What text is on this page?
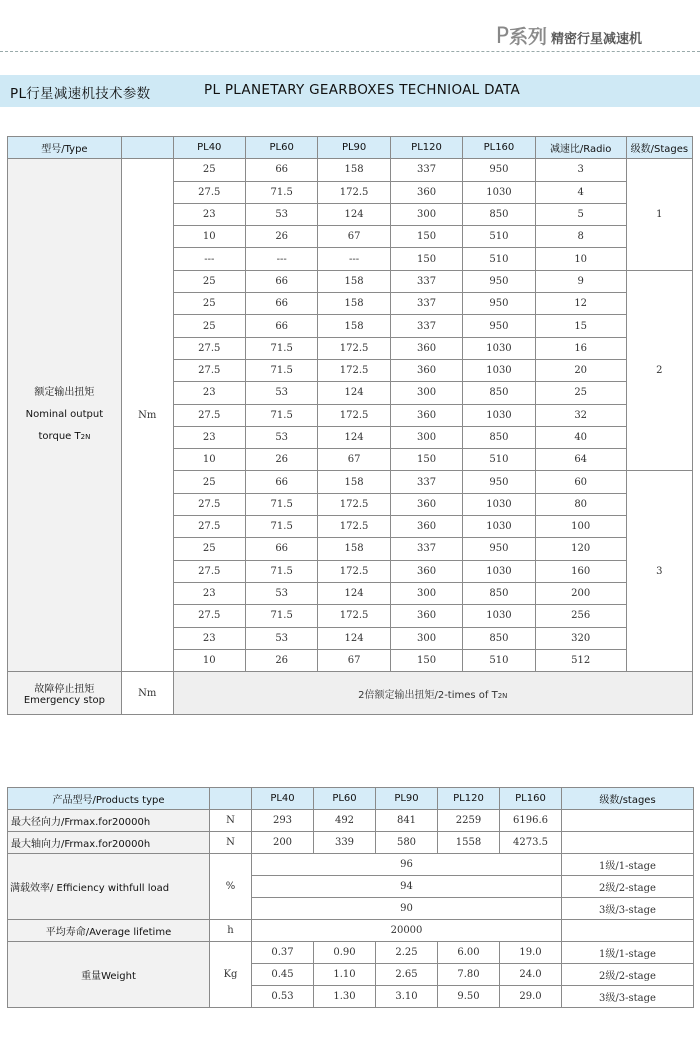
P系列 精密行星减速机
PL行星减速机技术参数	PL PLANETARY GEARBOXES TECHNIOAL DATA
型号/Type		PL40	PL60	PL90	PL120	PL160	减速比/Radio	级数/Stages

额定输出扭矩
Nominal output
torque T2N	Nm	25	66	158	337	950	3	1
		27.5	71.5	172.5	360	1030	4	
		23	53	124	300	850	5	
		10	26	67	150	510	8	
		---	---	---	150	510	10	
		25	66	158	337	950	9	2
		25	66	158	337	950	12	
		25	66	158	337	950	15	
		27.5	71.5	172.5	360	1030	16	
		27.5	71.5	172.5	360	1030	20	
		23	53	124	300	850	25	
		27.5	71.5	172.5	360	1030	32	
		23	53	124	300	850	40	
		10	26	67	150	510	64	
		25	66	158	337	950	60	3
		27.5	71.5	172.5	360	1030	80	
		27.5	71.5	172.5	360	1030	100	
		25	66	158	337	950	120	
		27.5	71.5	172.5	360	1030	160	
		23	53	124	300	850	200	
		27.5	71.5	172.5	360	1030	256	
		23	53	124	300	850	320	
		10	26	67	150	510	512	

故障停止扭矩
Emergency stop	Nm	2倍额定输出扭矩/2-times of T2N						
产品型号/Products type		PL40	PL60	PL90	PL120	PL160	级数/stages
最大径向力/Frmax.for20000h	N	293	492	841	2259	6196.6	
最大轴向力/Frmax.for20000h	N	200	339	580	1558	4273.5	
满载效率/ Efficiency withfull load	%	96					1级/1-stage
		94					2级/2-stage
		90					3级/3-stage
平均寿命/Average lifetime	h	20000					
重量Weight	Kg	0.37	0.90	2.25	6.00	19.0	1级/1-stage
		0.45	1.10	2.65	7.80	24.0	2级/2-stage
		0.53	1.30	3.10	9.50	29.0	3级/3-stage
